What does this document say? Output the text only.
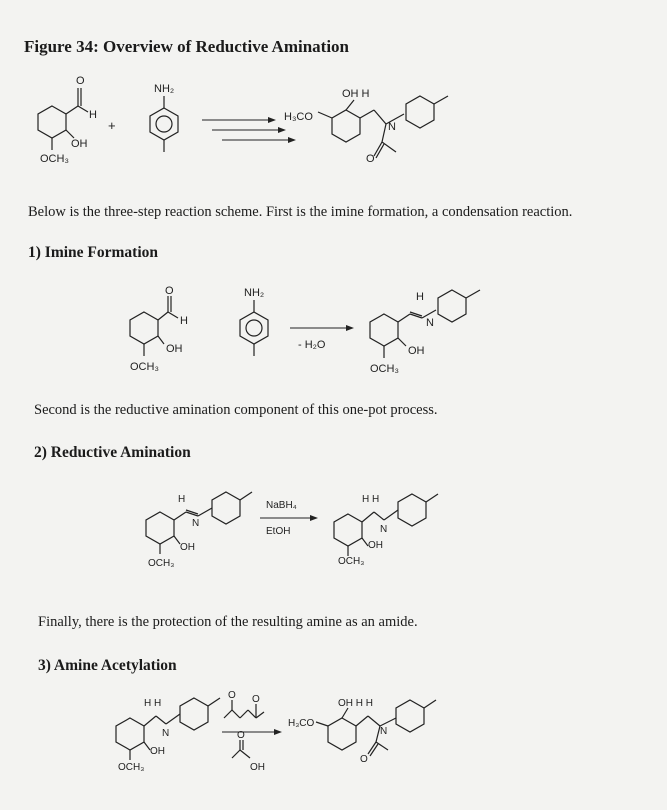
Figure 34: Overview of Reductive Amination
O
H
OH
OCH₃
+
NH₂
H₃CO
OH H
N
O
Below is the three-step reaction scheme. First is the imine formation, a condensation reaction.
1) Imine Formation
O
H
OH
OCH₃
NH₂
- H₂O
H
N
OH
OCH₃
Second is the reductive amination component of this one-pot process.
2) Reductive Amination
H
N
OH
OCH₃
NaBH₄
EtOH
H H
N
OH
OCH₃
Finally, there is the protection of the resulting amine as an amide.
3) Amine Acetylation
H H
N
OH
OCH₃
O O
O
OH
H₃CO
OH H H
N
O
